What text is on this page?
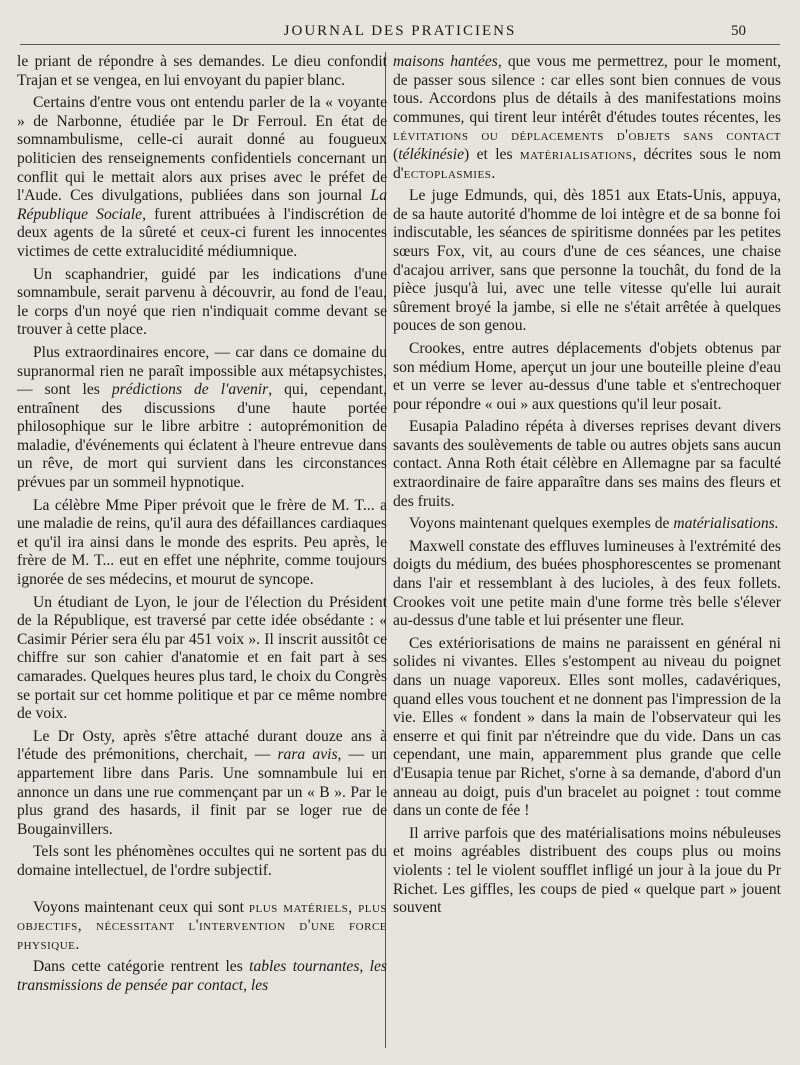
JOURNAL DES PRATICIENS	50

le priant de répondre à ses demandes. Le dieu confondit Trajan et se vengea, en lui envoyant du papier blanc.

Certains d'entre vous ont entendu parler de la « voyante » de Narbonne, étudiée par le Dr Ferroul. En état de somnambulisme, celle-ci aurait donné au fougueux politicien des renseignements confidentiels concernant un conflit qui le mettait alors aux prises avec le préfet de l'Aude. Ces divulgations, publiées dans son journal La République Sociale, furent attribuées à l'indiscrétion de deux agents de la sûreté et ceux-ci furent les innocentes victimes de cette extralucidité médiumnique.

Un scaphandrier, guidé par les indications d'une somnambule, serait parvenu à découvrir, au fond de l'eau, le corps d'un noyé que rien n'indiquait comme devant se trouver à cette place.

Plus extraordinaires encore, — car dans ce domaine du supranormal rien ne paraît impossible aux métapsychistes, — sont les prédictions de l'avenir, qui, cependant, entraînent des discussions d'une haute portée philosophique sur le libre arbitre : autoprémonition de maladie, d'événements qui éclatent à l'heure entrevue dans un rêve, de mort qui survient dans les circonstances prévues par un sommeil hypnotique.

La célèbre Mme Piper prévoit que le frère de M. T... a une maladie de reins, qu'il aura des défaillances cardiaques et qu'il ira ainsi dans le monde des esprits. Peu après, le frère de M. T... eut en effet une néphrite, comme toujours ignorée de ses médecins, et mourut de syncope.

Un étudiant de Lyon, le jour de l'élection du Président de la République, est traversé par cette idée obsédante : « Casimir Périer sera élu par 451 voix ». Il inscrit aussitôt ce chiffre sur son cahier d'anatomie et en fait part à ses camarades. Quelques heures plus tard, le choix du Congrès se portait sur cet homme politique et par ce même nombre de voix.

Le Dr Osty, après s'être attaché durant douze ans à l'étude des prémonitions, cherchait, — rara avis, — un appartement libre dans Paris. Une somnambule lui en annonce un dans une rue commençant par un « B ». Par le plus grand des hasards, il finit par se loger rue de Bougainvillers.

Tels sont les phénomènes occultes qui ne sortent pas du domaine intellectuel, de l'ordre subjectif.

Voyons maintenant ceux qui sont plus matériels, plus objectifs, nécessitant l'intervention d'une force physique.

Dans cette catégorie rentrent les tables tournantes, les transmissions de pensée par contact, les

maisons hantées, que vous me permettrez, pour le moment, de passer sous silence : car elles sont bien connues de vous tous. Accordons plus de détails à des manifestations moins communes, qui tirent leur intérêt d'études toutes récentes, les lévitations ou déplacements d'objets sans contact (télékinésie) et les matérialisations, décrites sous le nom d'ectoplasmies.

Le juge Edmunds, qui, dès 1851 aux Etats-Unis, appuya, de sa haute autorité d'homme de loi intègre et de sa bonne foi indiscutable, les séances de spiritisme données par les petites sœurs Fox, vit, au cours d'une de ces séances, une chaise d'acajou arriver, sans que personne la touchât, du fond de la pièce jusqu'à lui, avec une telle vitesse qu'elle lui aurait sûrement broyé la jambe, si elle ne s'était arrêtée à quelques pouces de son genou.

Crookes, entre autres déplacements d'objets obtenus par son médium Home, aperçut un jour une bouteille pleine d'eau et un verre se lever au-dessus d'une table et s'entrechoquer pour répondre « oui » aux questions qu'il leur posait.

Eusapia Paladino répéta à diverses reprises devant divers savants des soulèvements de table ou autres objets sans aucun contact. Anna Roth était célèbre en Allemagne par sa faculté extraordinaire de faire apparaître dans ses mains des fleurs et des fruits.

Voyons maintenant quelques exemples de matérialisations.

Maxwell constate des effluves lumineuses à l'extrémité des doigts du médium, des buées phosphorescentes se promenant dans l'air et ressemblant à des lucioles, à des feux follets. Crookes voit une petite main d'une forme très belle s'élever au-dessus d'une table et lui présenter une fleur.

Ces extériorisations de mains ne paraissent en général ni solides ni vivantes. Elles s'estompent au niveau du poignet dans un nuage vaporeux. Elles sont molles, cadavériques, quand elles vous touchent et ne donnent pas l'impression de la vie. Elles « fondent » dans la main de l'observateur qui les enserre et qui finit par n'étreindre que du vide. Dans un cas cependant, une main, apparemment plus grande que celle d'Eusapia tenue par Richet, s'orne à sa demande, d'abord d'un anneau au doigt, puis d'un bracelet au poignet : tout comme dans un conte de fée !

Il arrive parfois que des matérialisations moins nébuleuses et moins agréables distribuent des coups plus ou moins violents : tel le violent soufflet infligé un jour à la joue du Pr Richet. Les giffles, les coups de pied « quelque part » jouent souvent
